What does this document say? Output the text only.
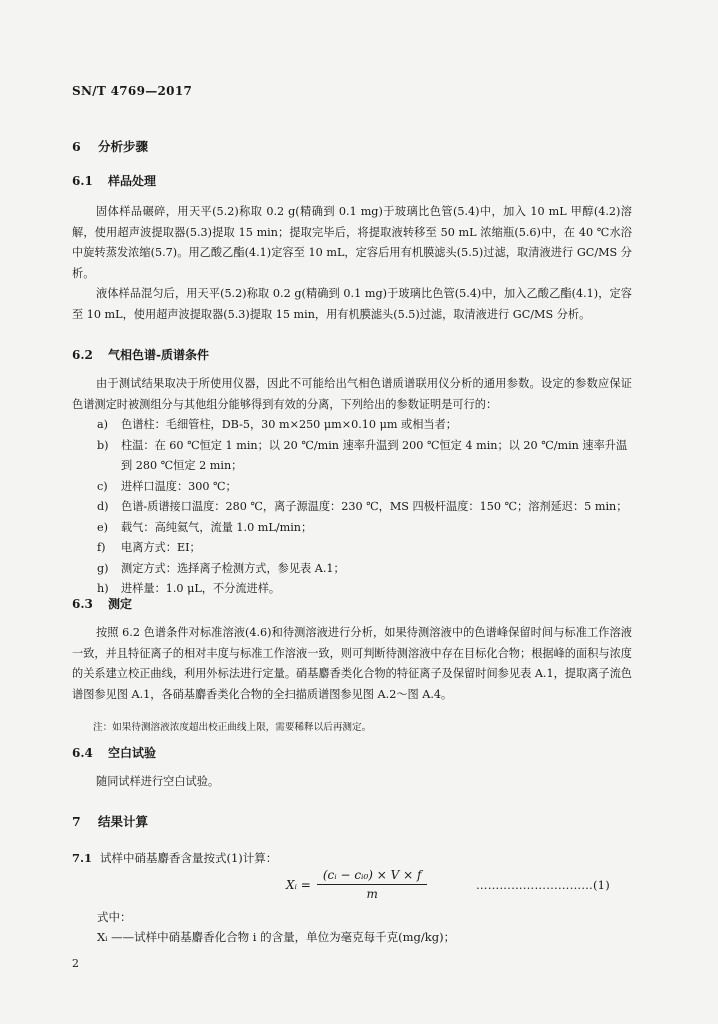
SN/T 4769—2017
6 分析步骤
6.1 样品处理
固体样品碾碎，用天平(5.2)称取 0.2 g(精确到 0.1 mg)于玻璃比色管(5.4)中，加入 10 mL 甲醇(4.2)溶解，使用超声波提取器(5.3)提取 15 min；提取完毕后，将提取液转移至 50 mL 浓缩瓶(5.6)中，在 40 ℃水浴中旋转蒸发浓缩(5.7)。用乙酸乙酯(4.1)定容至 10 mL，定容后用有机膜滤头(5.5)过滤，取清液进行 GC/MS 分析。
液体样品混匀后，用天平(5.2)称取 0.2 g(精确到 0.1 mg)于玻璃比色管(5.4)中，加入乙酸乙酯(4.1)，定容至 10 mL，使用超声波提取器(5.3)提取 15 min，用有机膜滤头(5.5)过滤，取清液进行 GC/MS 分析。
6.2 气相色谱-质谱条件
由于测试结果取决于所使用仪器，因此不可能给出气相色谱质谱联用仪分析的通用参数。设定的参数应保证色谱测定时被测组分与其他组分能够得到有效的分离，下列给出的参数证明是可行的：
a)	色谱柱：毛细管柱，DB-5，30 m×250 μm×0.10 μm 或相当者；
b)	柱温：在 60 ℃恒定 1 min；以 20 ℃/min 速率升温到 200 ℃恒定 4 min；以 20 ℃/min 速率升温到 280 ℃恒定 2 min；
c)	进样口温度：300 ℃；
d)	色谱-质谱接口温度：280 ℃，离子源温度：230 ℃，MS 四极杆温度：150 ℃；溶剂延迟：5 min；
e)	载气：高纯氦气，流量 1.0 mL/min；
f)	电离方式：EI；
g)	测定方式：选择离子检测方式，参见表 A.1；
h)	进样量：1.0 μL，不分流进样。
6.3 测定
按照 6.2 色谱条件对标准溶液(4.6)和待测溶液进行分析，如果待测溶液中的色谱峰保留时间与标准工作溶液一致，并且特征离子的相对丰度与标准工作溶液一致，则可判断待测溶液中存在目标化合物；根据峰的面积与浓度的关系建立校正曲线，利用外标法进行定量。硝基麝香类化合物的特征离子及保留时间参见表 A.1，提取离子流色谱图参见图 A.1，各硝基麝香类化合物的全扫描质谱图参见图 A.2～图 A.4。
注：如果待测溶液浓度超出校正曲线上限，需要稀释以后再测定。
6.4 空白试验
随同试样进行空白试验。
7 结果计算
7.1 试样中硝基麝香含量按式(1)计算：
Xᵢ = $\frac{\text{(cᵢ − cᵢ₀) × V × f}}{m}$	…………………………(1)
式中：
Xᵢ ——试样中硝基麝香化合物 i 的含量，单位为毫克每千克(mg/kg)；
2
